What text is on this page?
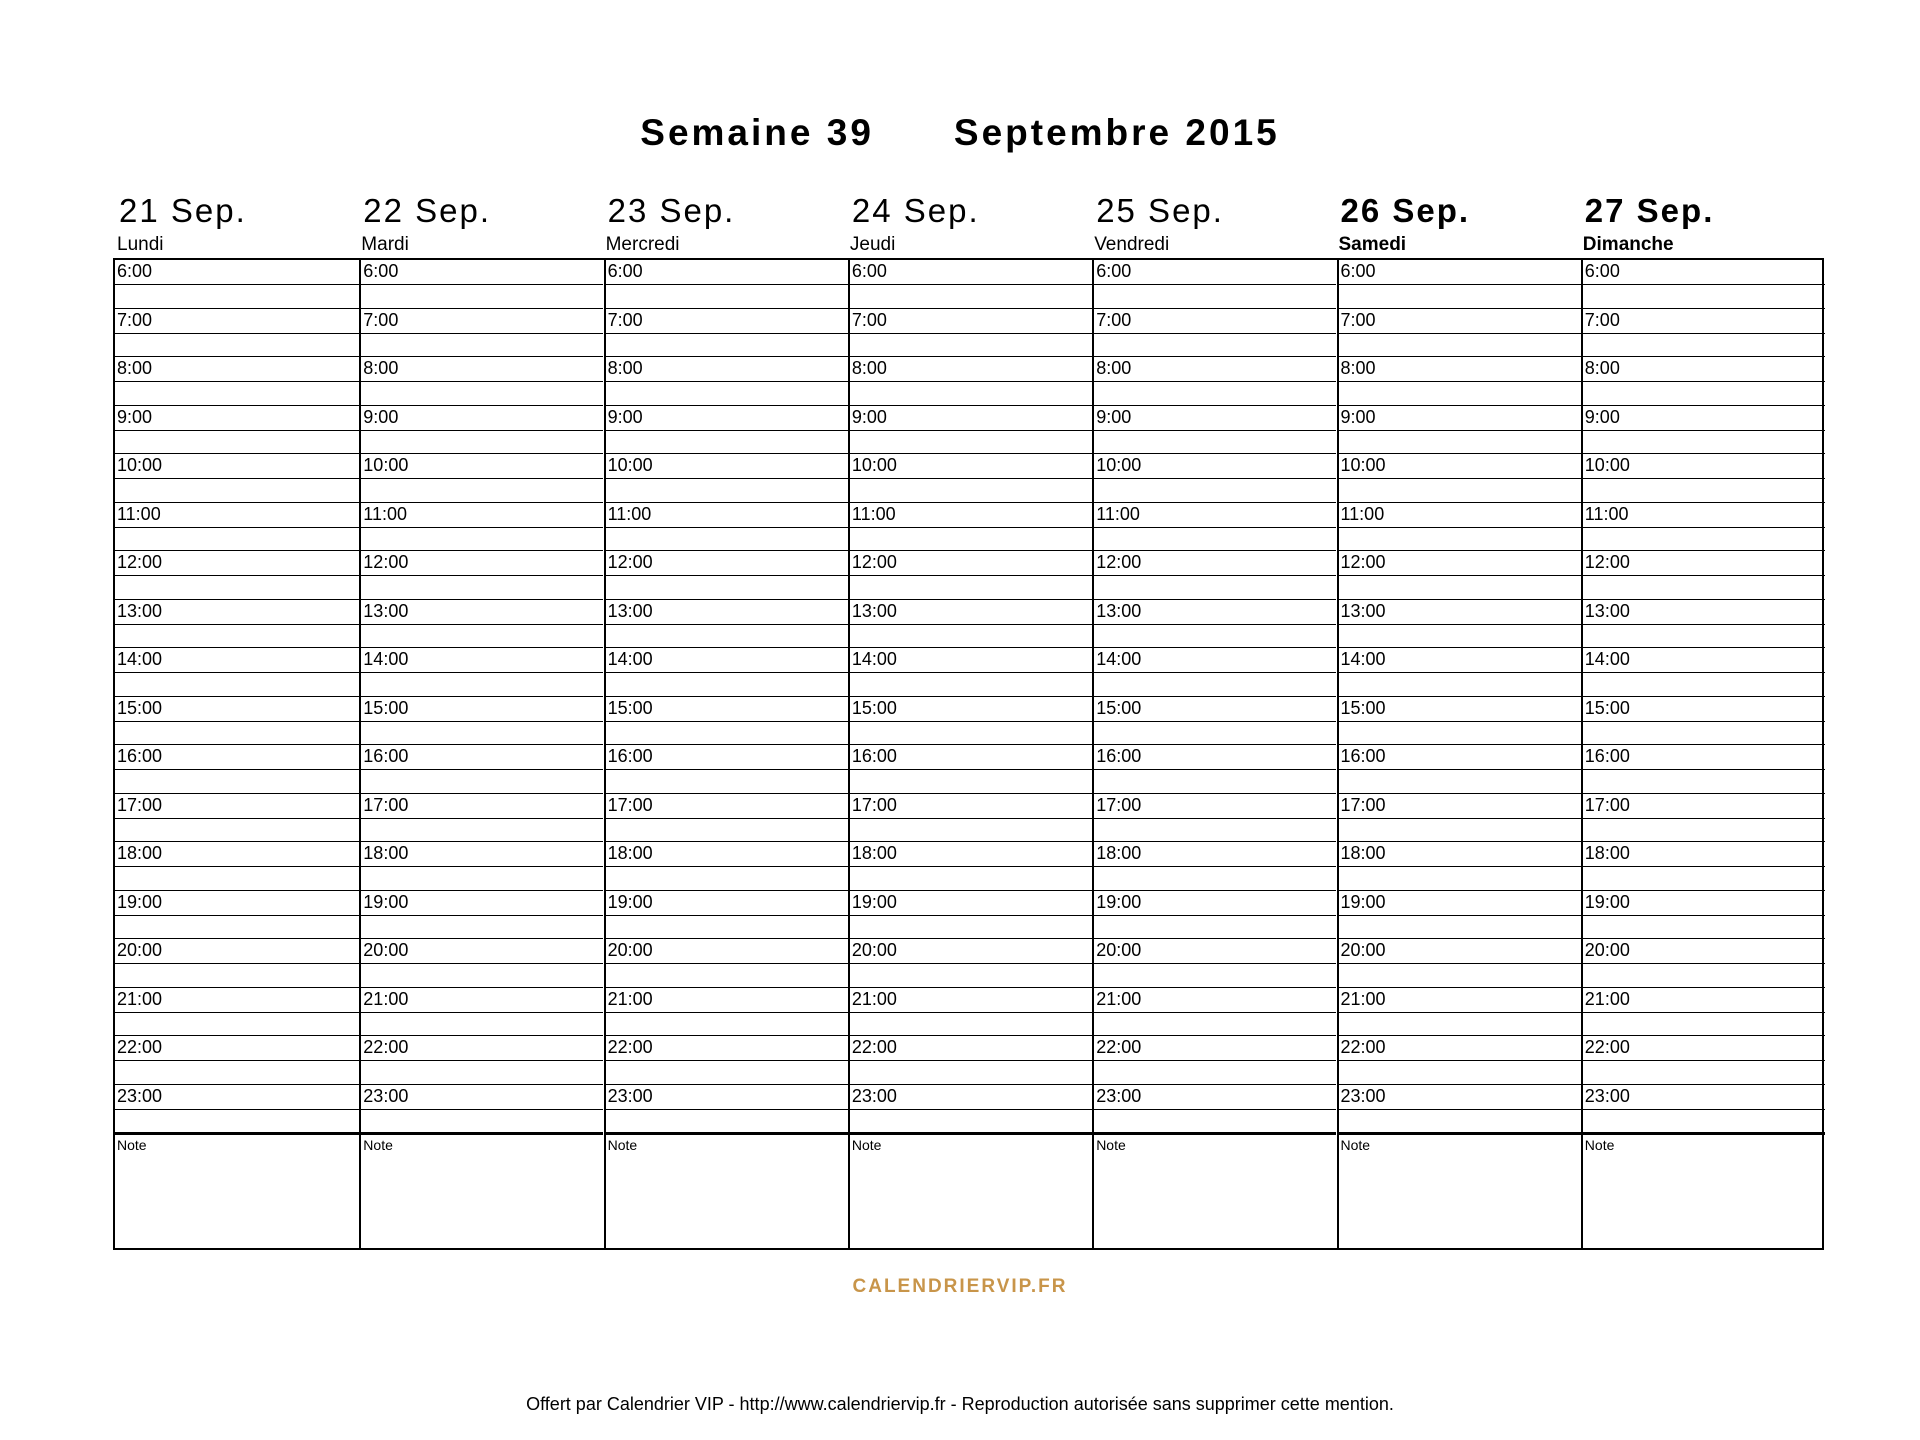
Semaine 39 Septembre 2015
21 Sep.
Lundi
22 Sep.
Mardi
23 Sep.
Mercredi
24 Sep.
Jeudi
25 Sep.
Vendredi
26 Sep.
Samedi
27 Sep.
Dimanche
6:00
7:00
8:00
9:00
10:00
11:00
12:00
13:00
14:00
15:00
16:00
17:00
18:00
19:00
20:00
21:00
22:00
23:00
Note
6:00
7:00
8:00
9:00
10:00
11:00
12:00
13:00
14:00
15:00
16:00
17:00
18:00
19:00
20:00
21:00
22:00
23:00
Note
6:00
7:00
8:00
9:00
10:00
11:00
12:00
13:00
14:00
15:00
16:00
17:00
18:00
19:00
20:00
21:00
22:00
23:00
Note
6:00
7:00
8:00
9:00
10:00
11:00
12:00
13:00
14:00
15:00
16:00
17:00
18:00
19:00
20:00
21:00
22:00
23:00
Note
6:00
7:00
8:00
9:00
10:00
11:00
12:00
13:00
14:00
15:00
16:00
17:00
18:00
19:00
20:00
21:00
22:00
23:00
Note
6:00
7:00
8:00
9:00
10:00
11:00
12:00
13:00
14:00
15:00
16:00
17:00
18:00
19:00
20:00
21:00
22:00
23:00
Note
6:00
7:00
8:00
9:00
10:00
11:00
12:00
13:00
14:00
15:00
16:00
17:00
18:00
19:00
20:00
21:00
22:00
23:00
Note
CALENDRIERVIP.FR
Offert par Calendrier VIP - http://www.calendriervip.fr - Reproduction autorisée sans supprimer cette mention.
